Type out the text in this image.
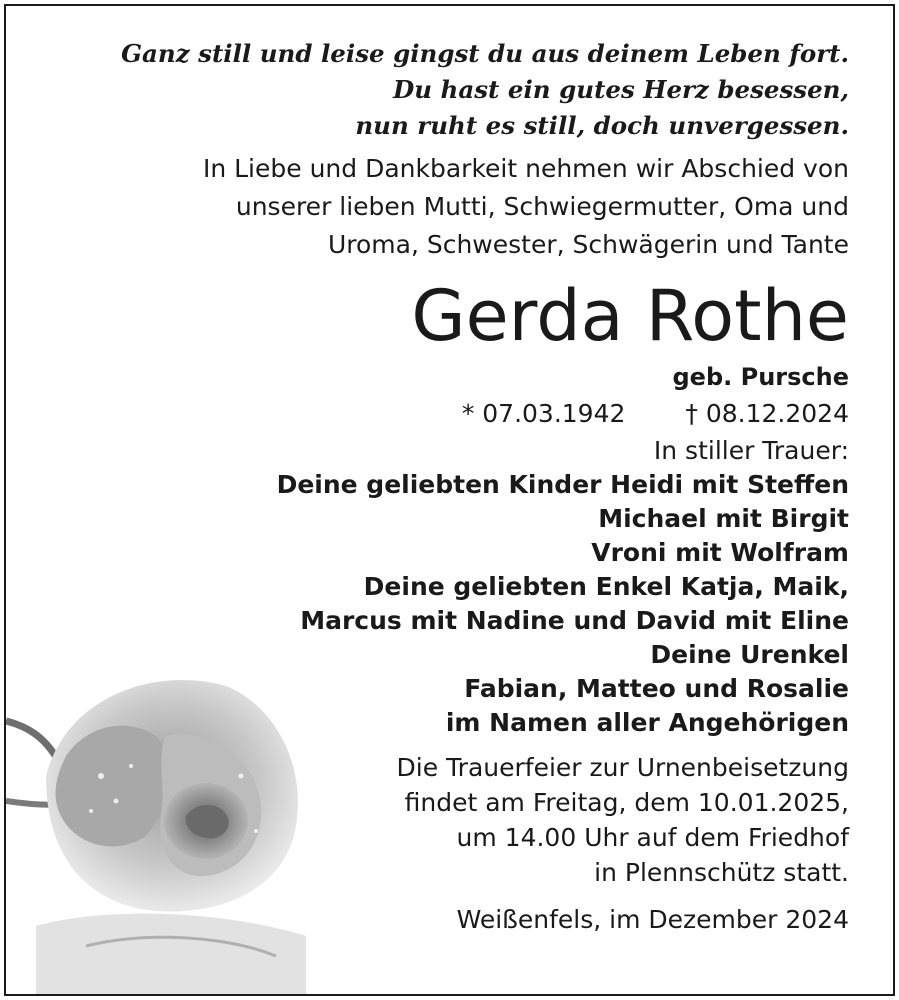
Ganz still und leise gingst du aus deinem Leben fort.
Du hast ein gutes Herz besessen,
nun ruht es still, doch unvergessen.
In Liebe und Dankbarkeit nehmen wir Abschied von
unserer lieben Mutti, Schwiegermutter, Oma und
Uroma, Schwester, Schwägerin und Tante
Gerda Rothe
geb. Pursche
* 07.03.1942 † 08.12.2024
In stiller Trauer:
Deine geliebten Kinder Heidi mit Steffen
Michael mit Birgit
Vroni mit Wolfram
Deine geliebten Enkel Katja, Maik,
Marcus mit Nadine und David mit Eline
Deine Urenkel
Fabian, Matteo und Rosalie
im Namen aller Angehörigen
Die Trauerfeier zur Urnenbeisetzung
findet am Freitag, dem 10.01.2025,
um 14.00 Uhr auf dem Friedhof
in Plennschütz statt.
Weißenfels, im Dezember 2024
